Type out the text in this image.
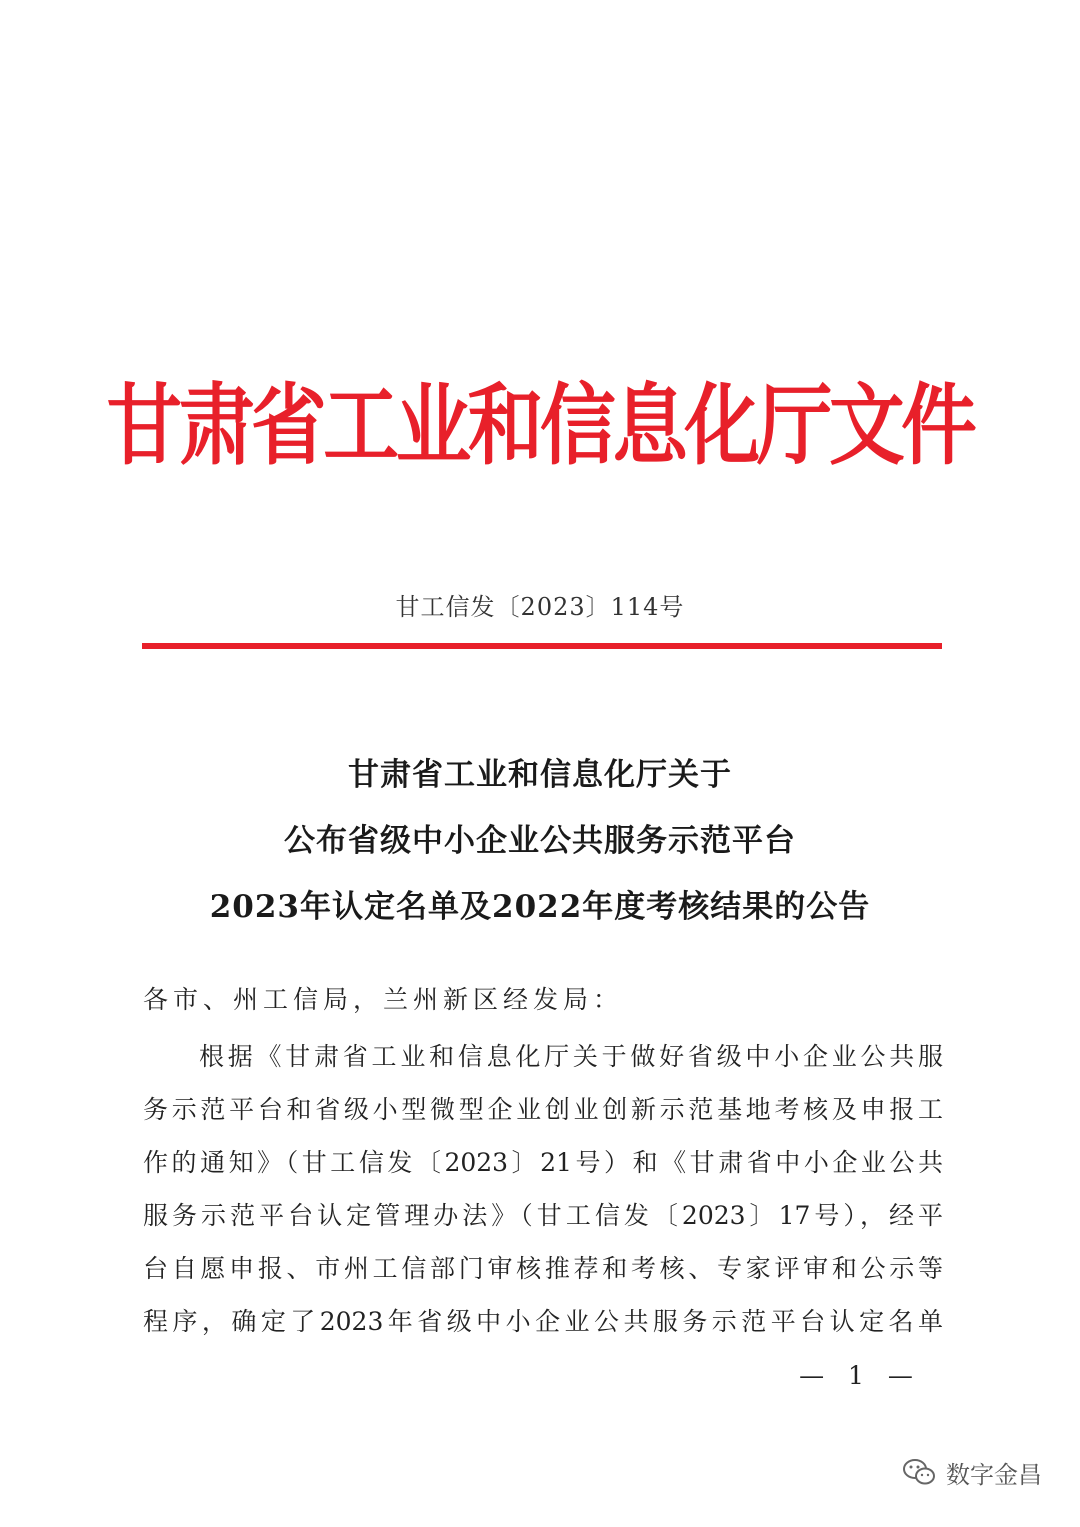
甘肃省工业和信息化厅文件
甘工信发〔2023〕114号
甘肃省工业和信息化厅关于
公布省级中小企业公共服务示范平台
2023年认定名单及2022年度考核结果的公告
各市、州工信局，兰州新区经发局：
根据《甘肃省工业和信息化厅关于做好省级中小企业公共服
务示范平台和省级小型微型企业创业创新示范基地考核及申报工
作的通知》（甘工信发〔2023〕21号）和《甘肃省中小企业公共
服务示范平台认定管理办法》（甘工信发〔2023〕17号），经平
台自愿申报、市州工信部门审核推荐和考核、专家评审和公示等
程序，确定了2023年省级中小企业公共服务示范平台认定名单
— 1 —
数字金昌
